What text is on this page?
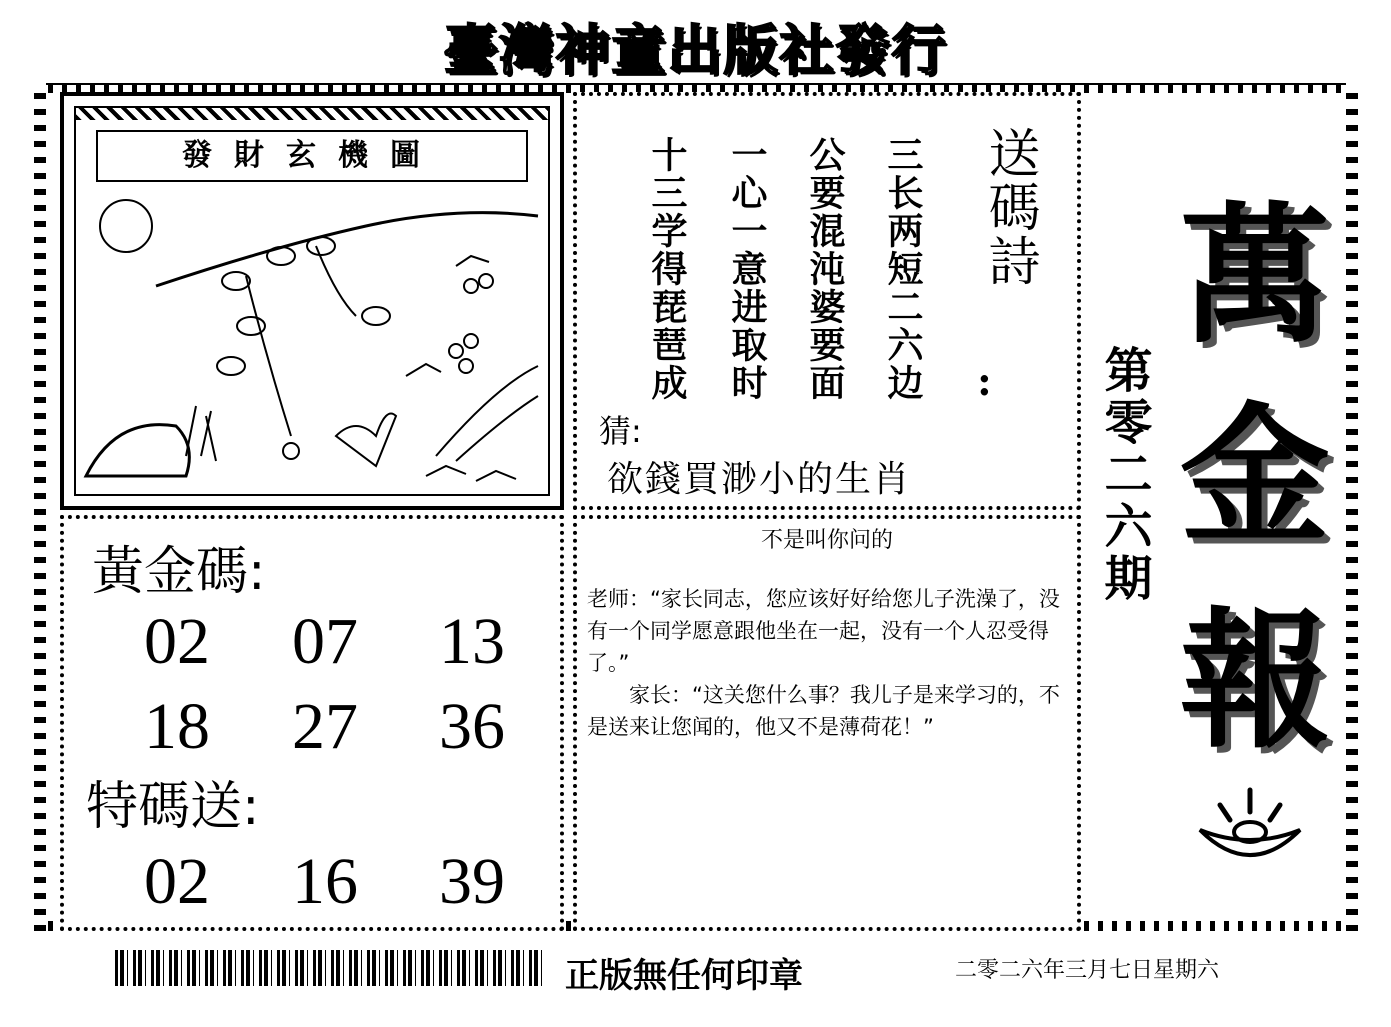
臺灣神童出版社發行
發財玄機圖	送碼詩
:
三长两短二六边
公要混沌婆要面
一心一意进取时
十三学得琵琶成
猜:
欲錢買渺小的生肖
黃金碼:
02 07 13
18 27 36
特碼送:
02 16 39
不是叫你问的
老师：“家长同志，您应该好好给您儿子洗澡了，没有一个同学愿意跟他坐在一起，没有一个人忍受得了。”
家长：“这关您什么事？我儿子是来学习的，不是送来让您闻的，他又不是薄荷花！”
第零二六期
萬
金
報
正版無任何印章	二零二六年三月七日星期六
